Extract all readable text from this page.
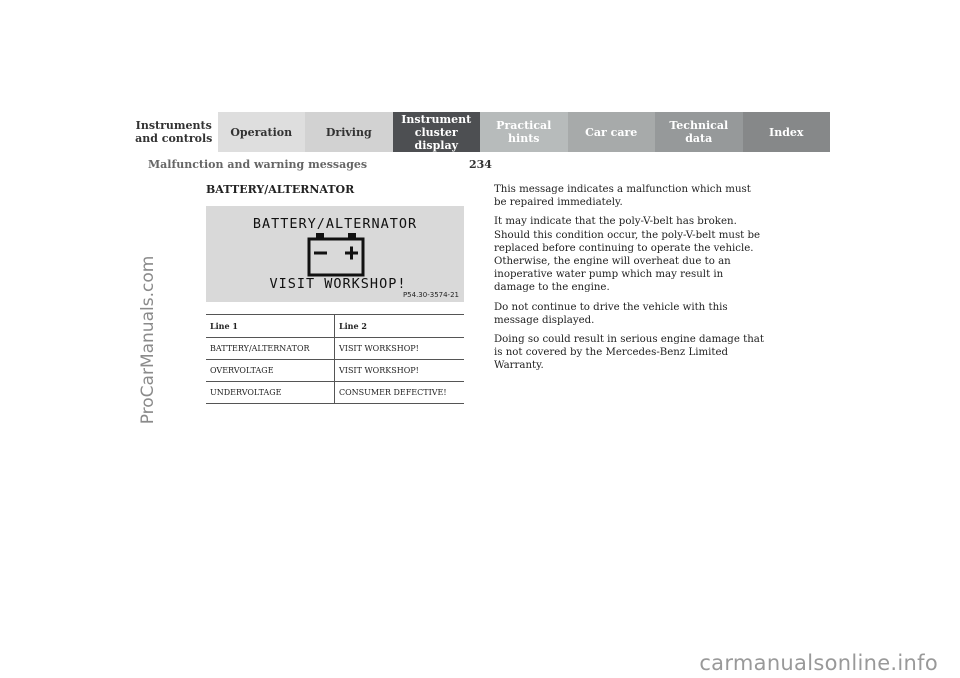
Instruments
and controls	Operation	Driving
Instrument
cluster display
Practical hints	Car care	Technical
data	Index
Malfunction and warning messages	234
BATTERY/ALTERNATOR
BATTERY/ALTERNATOR
VISIT WORKSHOP!
P54.30-3574-21
Line 1	Line 2
BATTERY/ALTERNATOR	VISIT WORKSHOP!
OVERVOLTAGE	VISIT WORKSHOP!
UNDERVOLTAGE	CONSUMER DEFECTIVE!

This message indicates a malfunction which must be repaired immediately.

It may indicate that the poly-V-belt has broken. Should this condition occur, the poly-V-belt must be replaced before continuing to operate the vehicle. Otherwise, the engine will overheat due to an inoperative water pump which may result in damage to the engine.

Do not continue to drive the vehicle with this message displayed.

Doing so could result in serious engine damage that is not covered by the Mercedes-Benz Limited Warranty.

ProCarManuals.com
carmanualsonline.info
